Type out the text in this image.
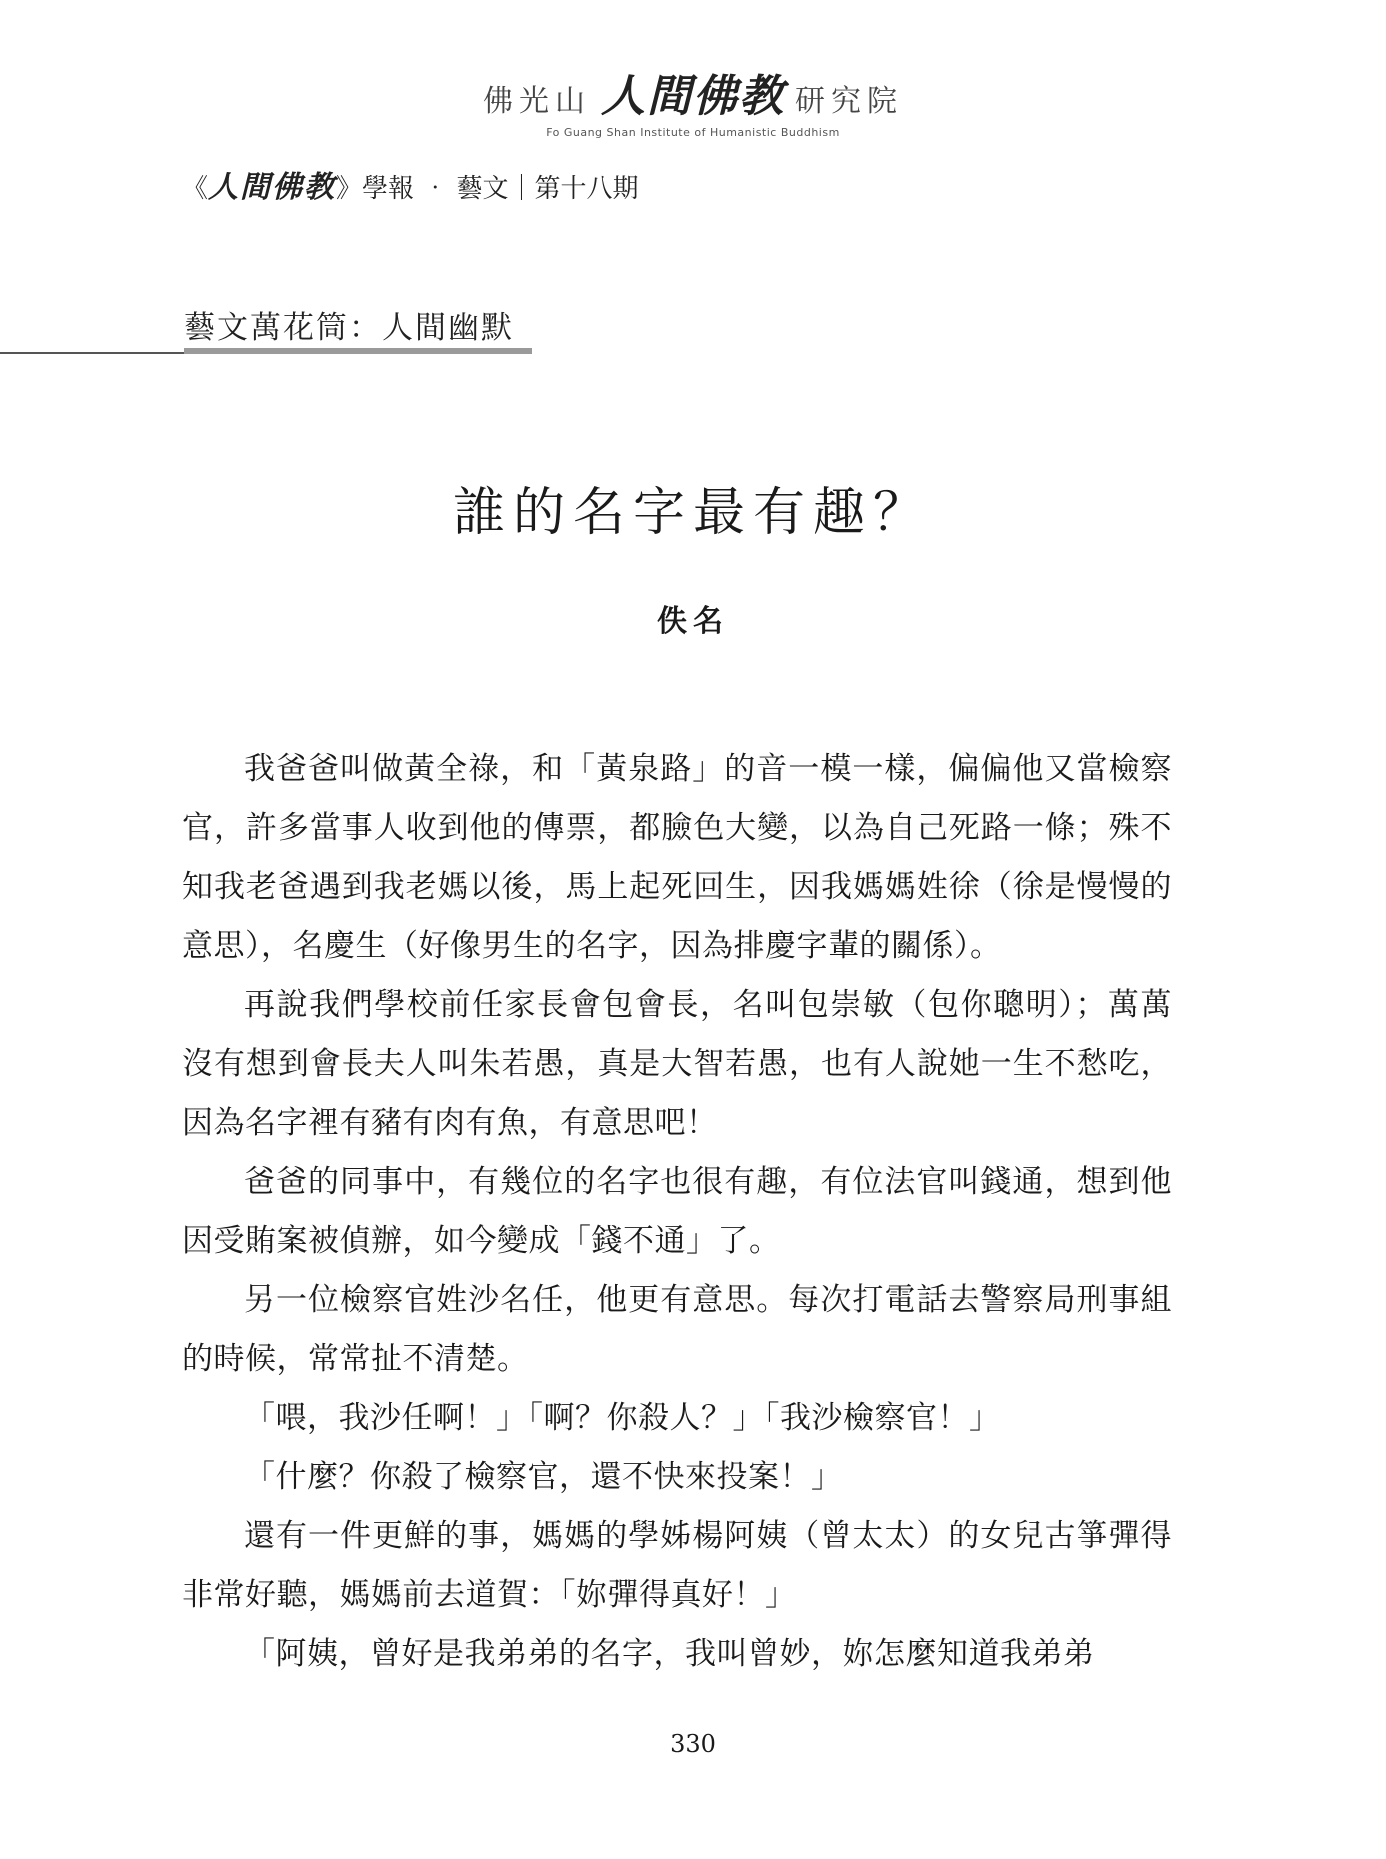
佛光山 人間佛教 研究院
Fo Guang Shan Institute of Humanistic Buddhism
《人間佛教》學報 ‧ 藝文｜第十八期
藝文萬花筒：人間幽默
誰的名字最有趣？
佚名

我爸爸叫做黃全祿，和「黃泉路」的音一模一樣，偏偏他又當檢察官，許多當事人收到他的傳票，都臉色大變，以為自己死路一條；殊不知我老爸遇到我老媽以後，馬上起死回生，因我媽媽姓徐（徐是慢慢的意思），名慶生（好像男生的名字，因為排慶字輩的關係）。

再說我們學校前任家長會包會長，名叫包崇敏（包你聰明）；萬萬沒有想到會長夫人叫朱若愚，真是大智若愚，也有人說她一生不愁吃，因為名字裡有豬有肉有魚，有意思吧！

爸爸的同事中，有幾位的名字也很有趣，有位法官叫錢通，想到他因受賄案被偵辦，如今變成「錢不通」了。

另一位檢察官姓沙名任，他更有意思。每次打電話去警察局刑事組的時候，常常扯不清楚。

「喂，我沙任啊！」「啊？你殺人？」「我沙檢察官！」

「什麼？你殺了檢察官，還不快來投案！」

還有一件更鮮的事，媽媽的學姊楊阿姨（曾太太）的女兒古箏彈得非常好聽，媽媽前去道賀：「妳彈得真好！」

「阿姨，曾好是我弟弟的名字，我叫曾妙，妳怎麼知道我弟弟

330
